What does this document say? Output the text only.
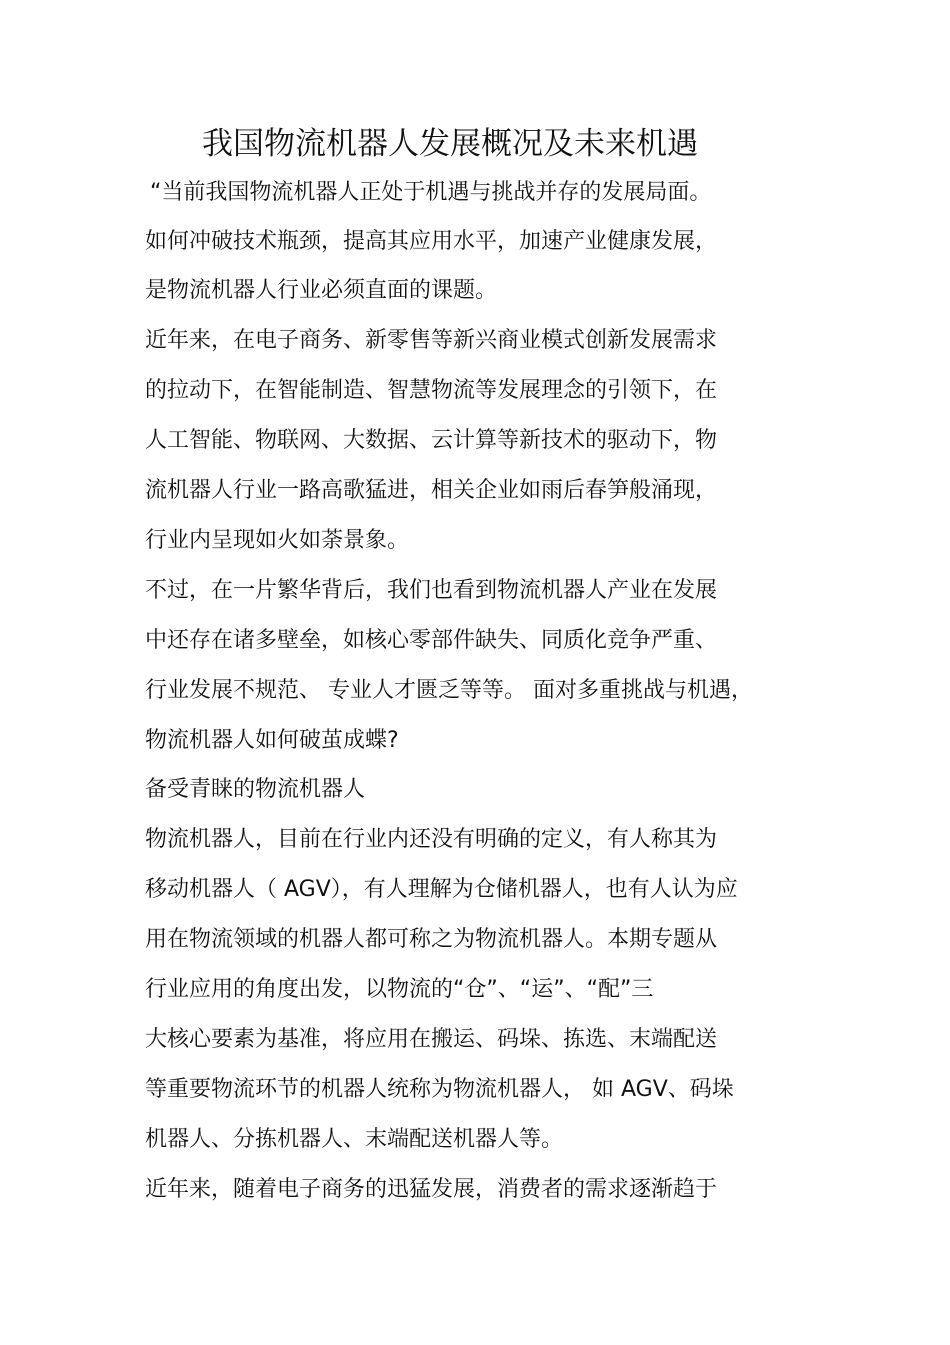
我国物流机器人发展概况及未来机遇

“当前我国物流机器人正处于机遇与挑战并存的发展局面。

如何冲破技术瓶颈，提高其应用水平，加速产业健康发展，

是物流机器人行业必须直面的课题。

近年来，在电子商务、新零售等新兴商业模式创新发展需求

的拉动下，在智能制造、智慧物流等发展理念的引领下，在

人工智能、物联网、大数据、云计算等新技术的驱动下，物

流机器人行业一路高歌猛进，相关企业如雨后春笋般涌现，

行业内呈现如火如荼景象。

不过，在一片繁华背后，我们也看到物流机器人产业在发展

中还存在诸多壁垒，如核心零部件缺失、同质化竞争严重、

行业发展不规范、 专业人才匮乏等等。 面对多重挑战与机遇，

物流机器人如何破茧成蝶?

备受青睐的物流机器人

物流机器人，目前在行业内还没有明确的定义，有人称其为

移动机器人（ AGV），有人理解为仓储机器人，也有人认为应

用在物流领域的机器人都可称之为物流机器人。本期专题从

行业应用的角度出发，以物流的“仓”、“运”、“配”三

大核心要素为基准，将应用在搬运、码垛、拣选、末端配送

等重要物流环节的机器人统称为物流机器人， 如 AGV、码垛

机器人、分拣机器人、末端配送机器人等。

近年来，随着电子商务的迅猛发展，消费者的需求逐渐趋于
